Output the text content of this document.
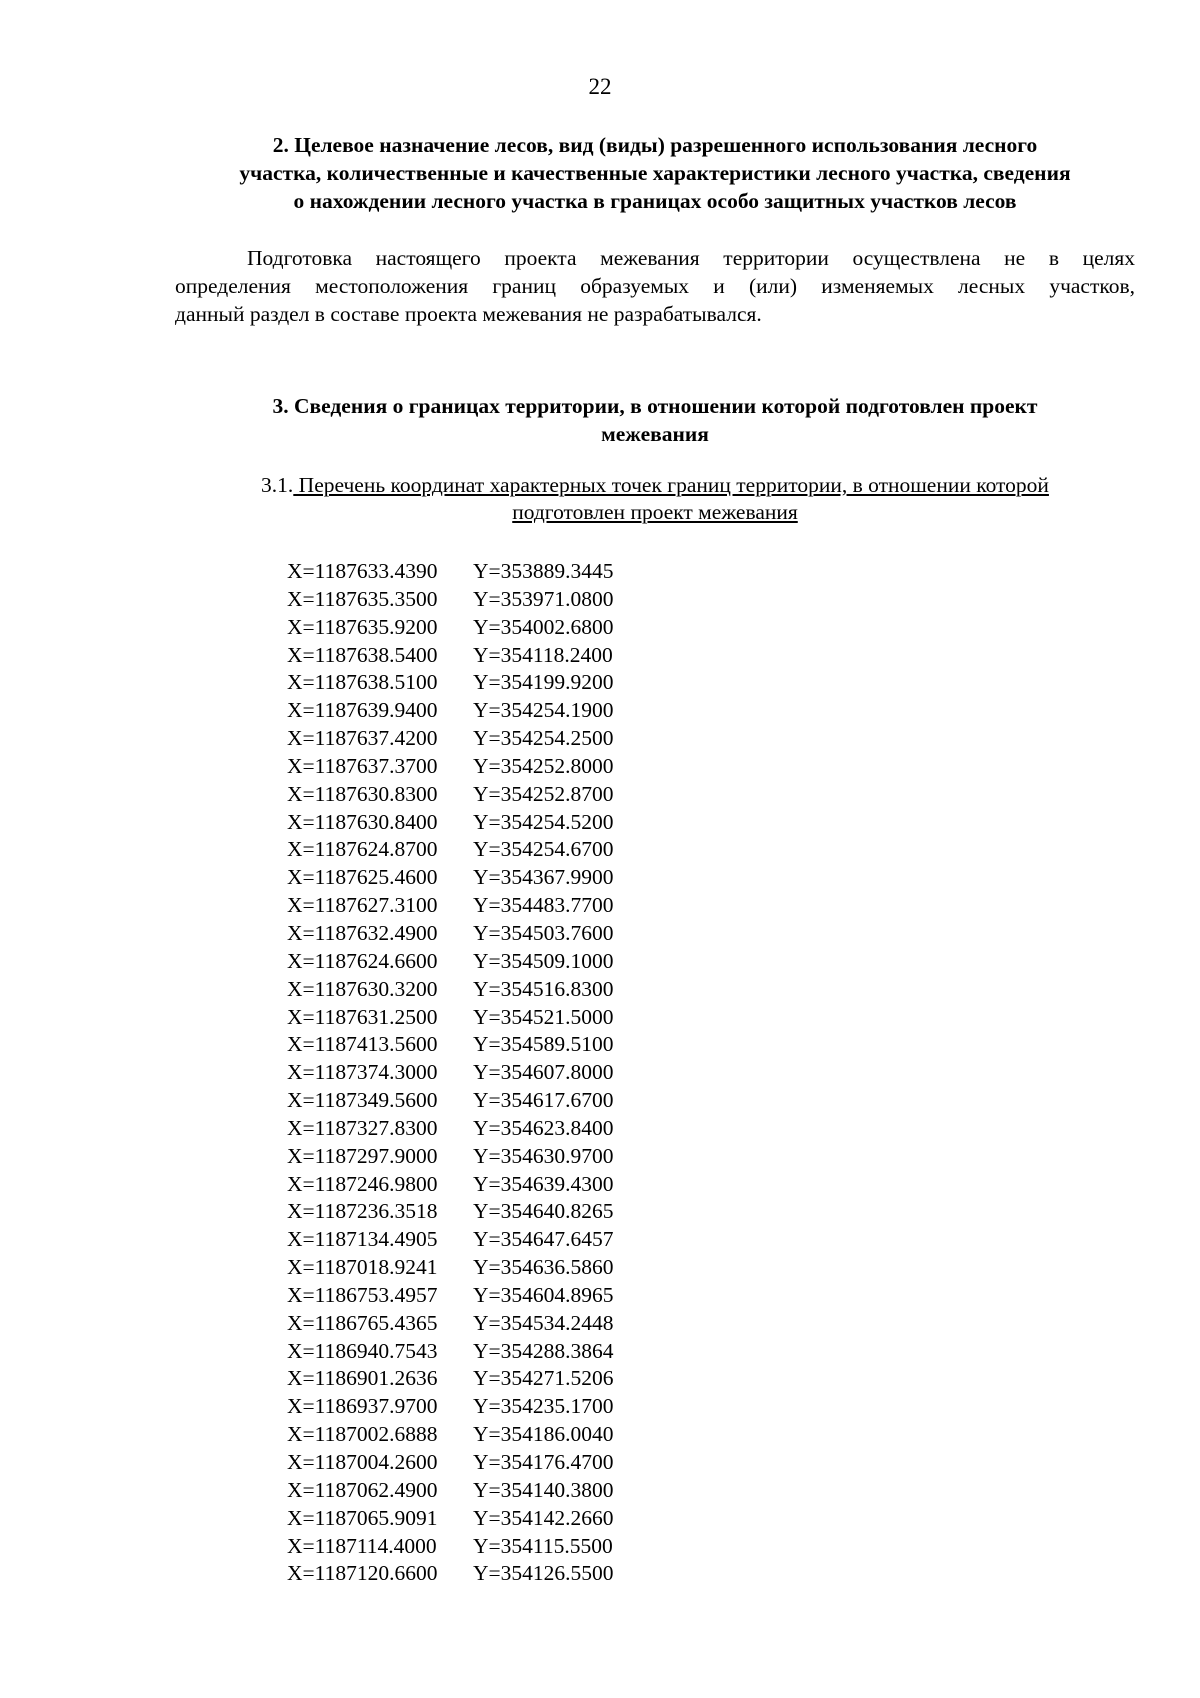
22
2. Целевое назначение лесов, вид (виды) разрешенного использования лесного
участка, количественные и качественные характеристики лесного участка, сведения
о нахождении лесного участка в границах особо защитных участков лесов
Подготовка настоящего проекта межевания территории осуществлена не в целях
определения местоположения границ образуемых и (или) изменяемых лесных участков,
данный раздел в составе проекта межевания не разрабатывался.
3. Сведения о границах территории, в отношении которой подготовлен проект
межевания
3.1. Перечень координат характерных точек границ территории, в отношении которой
подготовлен проект межевания
X=1187633.4390 Y=353889.3445
X=1187635.3500 Y=353971.0800
X=1187635.9200 Y=354002.6800
X=1187638.5400 Y=354118.2400
X=1187638.5100 Y=354199.9200
X=1187639.9400 Y=354254.1900
X=1187637.4200 Y=354254.2500
X=1187637.3700 Y=354252.8000
X=1187630.8300 Y=354252.8700
X=1187630.8400 Y=354254.5200
X=1187624.8700 Y=354254.6700
X=1187625.4600 Y=354367.9900
X=1187627.3100 Y=354483.7700
X=1187632.4900 Y=354503.7600
X=1187624.6600 Y=354509.1000
X=1187630.3200 Y=354516.8300
X=1187631.2500 Y=354521.5000
X=1187413.5600 Y=354589.5100
X=1187374.3000 Y=354607.8000
X=1187349.5600 Y=354617.6700
X=1187327.8300 Y=354623.8400
X=1187297.9000 Y=354630.9700
X=1187246.9800 Y=354639.4300
X=1187236.3518 Y=354640.8265
X=1187134.4905 Y=354647.6457
X=1187018.9241 Y=354636.5860
X=1186753.4957 Y=354604.8965
X=1186765.4365 Y=354534.2448
X=1186940.7543 Y=354288.3864
X=1186901.2636 Y=354271.5206
X=1186937.9700 Y=354235.1700
X=1187002.6888 Y=354186.0040
X=1187004.2600 Y=354176.4700
X=1187062.4900 Y=354140.3800
X=1187065.9091 Y=354142.2660
X=1187114.4000 Y=354115.5500
X=1187120.6600 Y=354126.5500
